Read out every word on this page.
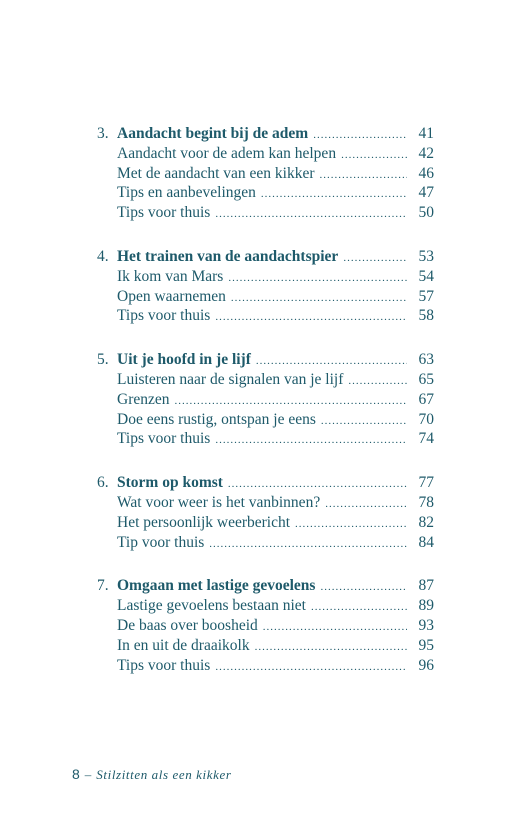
3. Aandacht begint bij de adem .....	41
Aandacht voor de adem kan helpen .....	42
Met de aandacht van een kikker .....	46
Tips en aanbevelingen .....	47
Tips voor thuis .....	50
4. Het trainen van de aandachtspier .....	53
Ik kom van Mars .....	54
Open waarnemen .....	57
Tips voor thuis .....	58
5. Uit je hoofd in je lijf .....	63
Luisteren naar de signalen van je lijf .....	65
Grenzen .....	67
Doe eens rustig, ontspan je eens .....	70
Tips voor thuis .....	74
6. Storm op komst .....	77
Wat voor weer is het vanbinnen? .....	78
Het persoonlijk weerbericht .....	82
Tip voor thuis .....	84
7. Omgaan met lastige gevoelens .....	87
Lastige gevoelens bestaan niet .....	89
De baas over boosheid .....	93
In en uit de draaikolk .....	95
Tips voor thuis .....	96
8 – Stilzitten als een kikker
